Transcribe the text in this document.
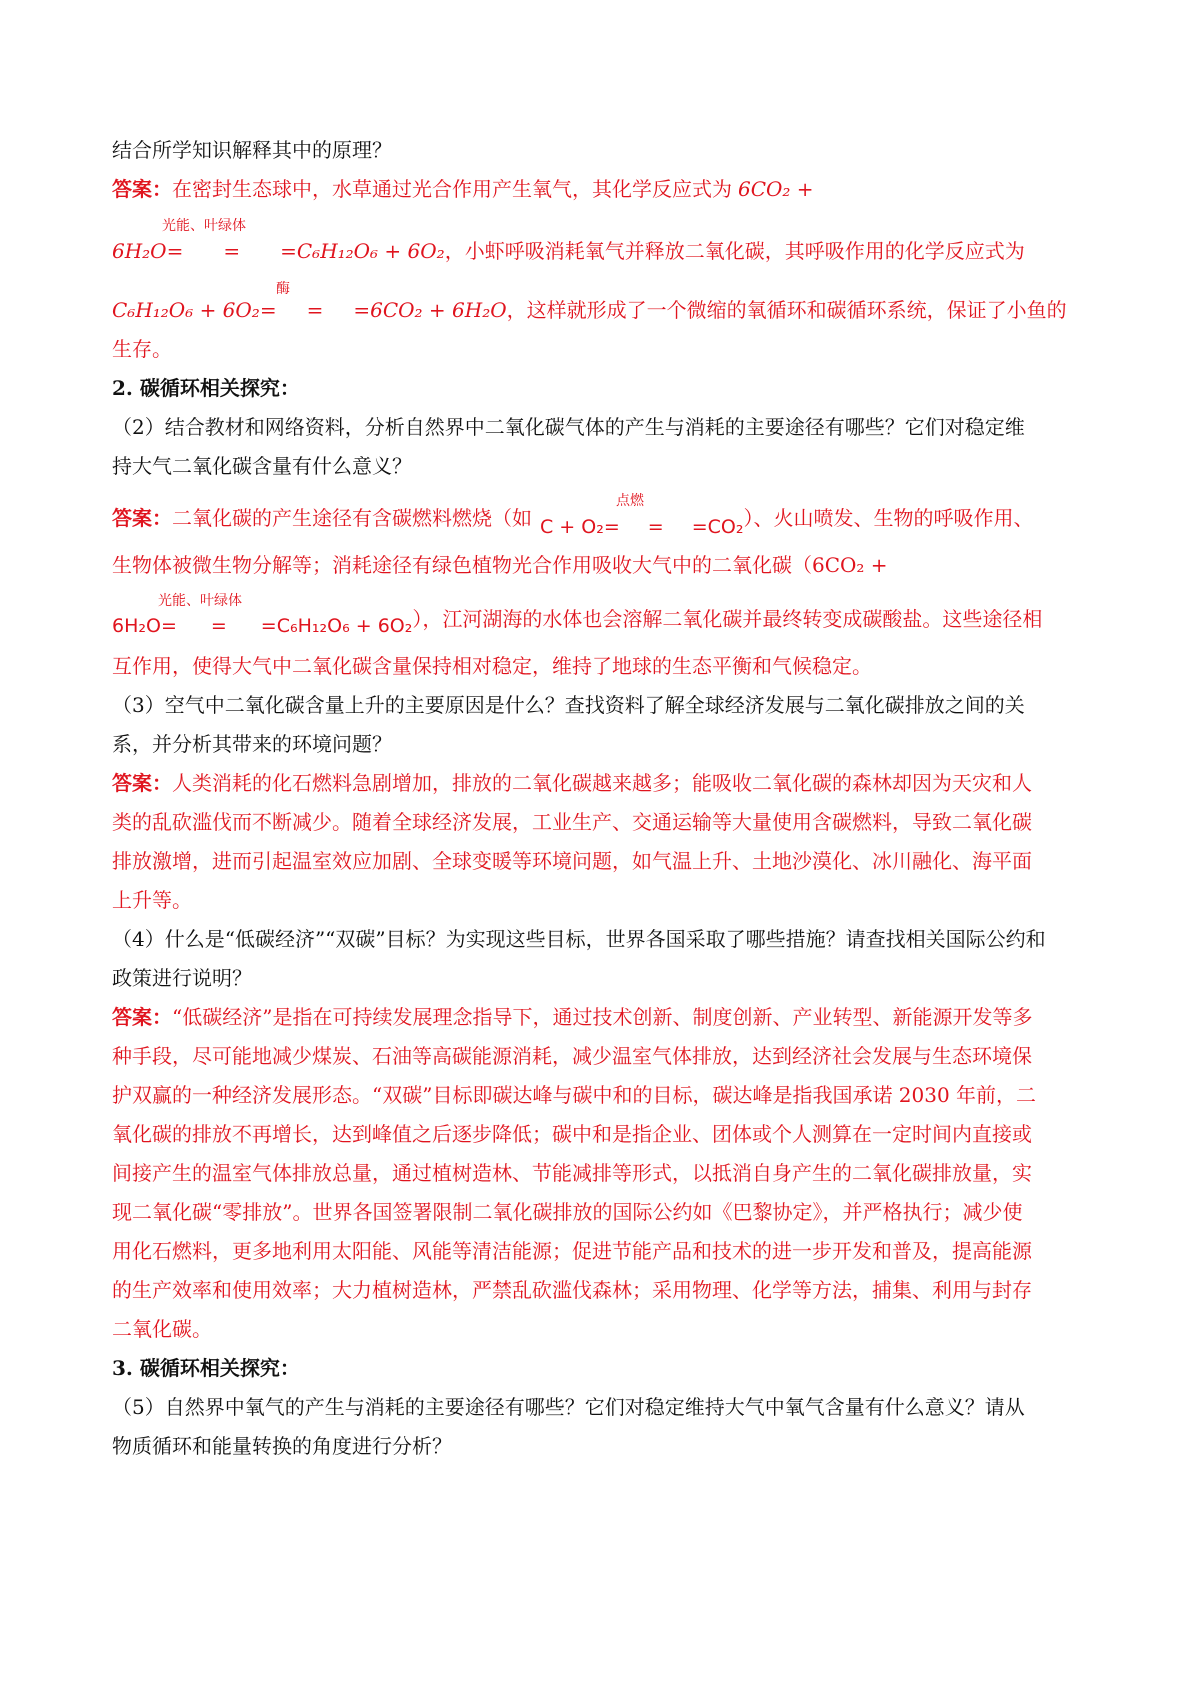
结合所学知识解释其中的原理？
答案：在密封生态球中，水草通过光合作用产生氧气，其化学反应式为 6CO₂ +
光能、叶绿体
6H₂O= = =C₆H₁₂O₆ + 6O₂，小虾呼吸消耗氧气并释放二氧化碳，其呼吸作用的化学反应式为
酶
C₆H₁₂O₆ + 6O₂= = =6CO₂ + 6H₂O，这样就形成了一个微缩的氧循环和碳循环系统，保证了小鱼的
生存。
2. 碳循环相关探究：
（2）结合教材和网络资料，分析自然界中二氧化碳气体的产生与消耗的主要途径有哪些？它们对稳定维
持大气二氧化碳含量有什么意义？
点燃
答案：二氧化碳的产生途径有含碳燃料燃烧（如 C + O₂= = =CO₂）、火山喷发、生物的呼吸作用、
生物体被微生物分解等；消耗途径有绿色植物光合作用吸收大气中的二氧化碳（6CO₂ +
光能、叶绿体
6H₂O= = =C₆H₁₂O₆ + 6O₂），江河湖海的水体也会溶解二氧化碳并最终转变成碳酸盐。这些途径相
互作用，使得大气中二氧化碳含量保持相对稳定，维持了地球的生态平衡和气候稳定。
（3）空气中二氧化碳含量上升的主要原因是什么？查找资料了解全球经济发展与二氧化碳排放之间的关
系，并分析其带来的环境问题？
答案：人类消耗的化石燃料急剧增加，排放的二氧化碳越来越多；能吸收二氧化碳的森林却因为天灾和人
类的乱砍滥伐而不断减少。随着全球经济发展，工业生产、交通运输等大量使用含碳燃料，导致二氧化碳
排放激增，进而引起温室效应加剧、全球变暖等环境问题，如气温上升、土地沙漠化、冰川融化、海平面
上升等。
（4）什么是“低碳经济”“双碳”目标？为实现这些目标，世界各国采取了哪些措施？请查找相关国际公约和
政策进行说明？
答案：“低碳经济”是指在可持续发展理念指导下，通过技术创新、制度创新、产业转型、新能源开发等多
种手段，尽可能地减少煤炭、石油等高碳能源消耗，减少温室气体排放，达到经济社会发展与生态环境保
护双赢的一种经济发展形态。“双碳”目标即碳达峰与碳中和的目标，碳达峰是指我国承诺 2030 年前，二
氧化碳的排放不再增长，达到峰值之后逐步降低；碳中和是指企业、团体或个人测算在一定时间内直接或
间接产生的温室气体排放总量，通过植树造林、节能减排等形式，以抵消自身产生的二氧化碳排放量，实
现二氧化碳“零排放”。世界各国签署限制二氧化碳排放的国际公约如《巴黎协定》，并严格执行；减少使
用化石燃料，更多地利用太阳能、风能等清洁能源；促进节能产品和技术的进一步开发和普及，提高能源
的生产效率和使用效率；大力植树造林，严禁乱砍滥伐森林；采用物理、化学等方法，捕集、利用与封存
二氧化碳。
3. 碳循环相关探究：
（5）自然界中氧气的产生与消耗的主要途径有哪些？它们对稳定维持大气中氧气含量有什么意义？请从
物质循环和能量转换的角度进行分析？
